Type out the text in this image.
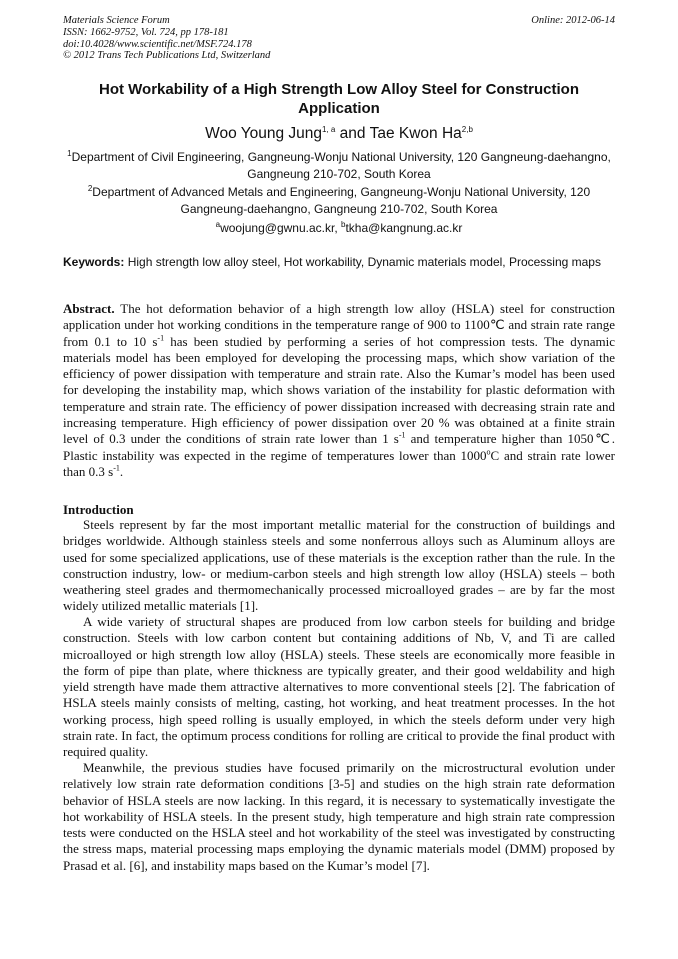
Materials Science Forum
ISSN: 1662-9752, Vol. 724, pp 178-181
doi:10.4028/www.scientific.net/MSF.724.178
© 2012 Trans Tech Publications Ltd, Switzerland
Online: 2012-06-14
Hot Workability of a High Strength Low Alloy Steel for Construction Application
Woo Young Jung$^{1, a}$ and Tae Kwon Ha$^{2,b}$
$^1$Department of Civil Engineering, Gangneung-Wonju National University, 120 Gangneung-daehangno, Gangneung 210-702, South Korea
$^2$Department of Advanced Metals and Engineering, Gangneung-Wonju National University, 120 Gangneung-daehangno, Gangneung 210-702, South Korea
$^a$woojung@gwnu.ac.kr, $^b$tkha@kangnung.ac.kr
Keywords: High strength low alloy steel, Hot workability, Dynamic materials model, Processing maps
Abstract. The hot deformation behavior of a high strength low alloy (HSLA) steel for construction application under hot working conditions in the temperature range of 900 to 1100℃ and strain rate range from 0.1 to 10 $s^{-1}$ has been studied by performing a series of hot compression tests. The dynamic materials model has been employed for developing the processing maps, which show variation of the efficiency of power dissipation with temperature and strain rate. Also the Kumar’s model has been used for developing the instability map, which shows variation of the instability for plastic deformation with temperature and strain rate. The efficiency of power dissipation increased with decreasing strain rate and increasing temperature. High efficiency of power dissipation over 20 % was obtained at a finite strain level of 0.3 under the conditions of strain rate lower than 1 $s^{-1}$ and temperature higher than 1050℃. Plastic instability was expected in the regime of temperatures lower than 1000$^o$C and strain rate lower than 0.3 $s^{-1}$.
Introduction
Steels represent by far the most important metallic material for the construction of buildings and bridges worldwide. Although stainless steels and some nonferrous alloys such as Aluminum alloys are used for some specialized applications, use of these materials is the exception rather than the rule. In the construction industry, low- or medium-carbon steels and high strength low alloy (HSLA) steels – both weathering steel grades and thermomechanically processed microalloyed grades – are by far the most widely utilized metallic materials [1].
A wide variety of structural shapes are produced from low carbon steels for building and bridge construction. Steels with low carbon content but containing additions of Nb, V, and Ti are called microalloyed or high strength low alloy (HSLA) steels. These steels are economically more feasible in the form of pipe than plate, where thickness are typically greater, and their good weldability and high yield strength have made them attractive alternatives to more conventional steels [2]. The fabrication of HSLA steels mainly consists of melting, casting, hot working, and heat treatment processes. In the hot working process, high speed rolling is usually employed, in which the steels deform under very high strain rate. In fact, the optimum process conditions for rolling are critical to provide the final product with required quality.
Meanwhile, the previous studies have focused primarily on the microstructural evolution under relatively low strain rate deformation conditions [3-5] and studies on the high strain rate deformation behavior of HSLA steels are now lacking. In this regard, it is necessary to systematically investigate the hot workability of HSLA steels. In the present study, high temperature and high strain rate compression tests were conducted on the HSLA steel and hot workability of the steel was investigated by constructing the stress maps, material processing maps employing the dynamic materials model (DMM) proposed by Prasad et al. [6], and instability maps based on the Kumar’s model [7].
